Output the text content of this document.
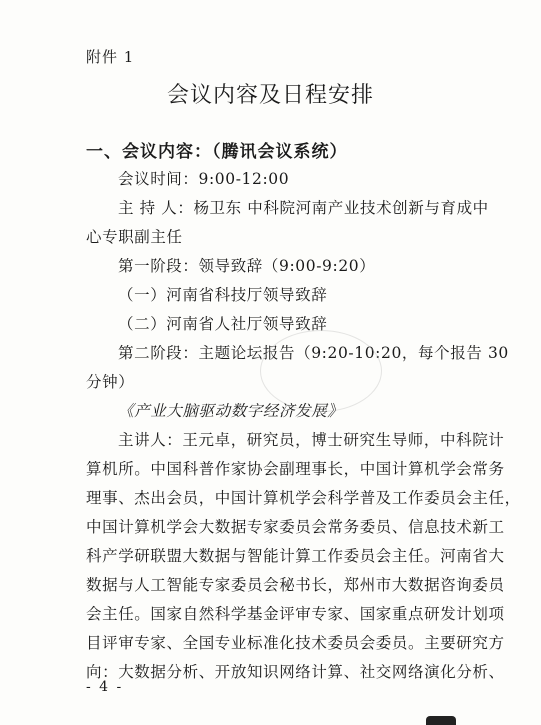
附件 1
会议内容及日程安排
一、会议内容：（腾讯会议系统）
会议时间：9:00-12:00
主 持 人：杨卫东 中科院河南产业技术创新与育成中
心专职副主任
第一阶段：领导致辞（9:00-9:20）
（一）河南省科技厅领导致辞
（二）河南省人社厅领导致辞
第二阶段：主题论坛报告（9:20-10:20，每个报告 30
分钟）
《产业大脑驱动数字经济发展》
主讲人：王元卓，研究员，博士研究生导师，中科院计
算机所。中国科普作家协会副理事长，中国计算机学会常务
理事、杰出会员，中国计算机学会科学普及工作委员会主任，
中国计算机学会大数据专家委员会常务委员、信息技术新工
科产学研联盟大数据与智能计算工作委员会主任。河南省大
数据与人工智能专家委员会秘书长，郑州市大数据咨询委员
会主任。国家自然科学基金评审专家、国家重点研发计划项
目评审专家、全国专业标准化技术委员会委员。主要研究方
向：大数据分析、开放知识网络计算、社交网络演化分析、
- 4 -
